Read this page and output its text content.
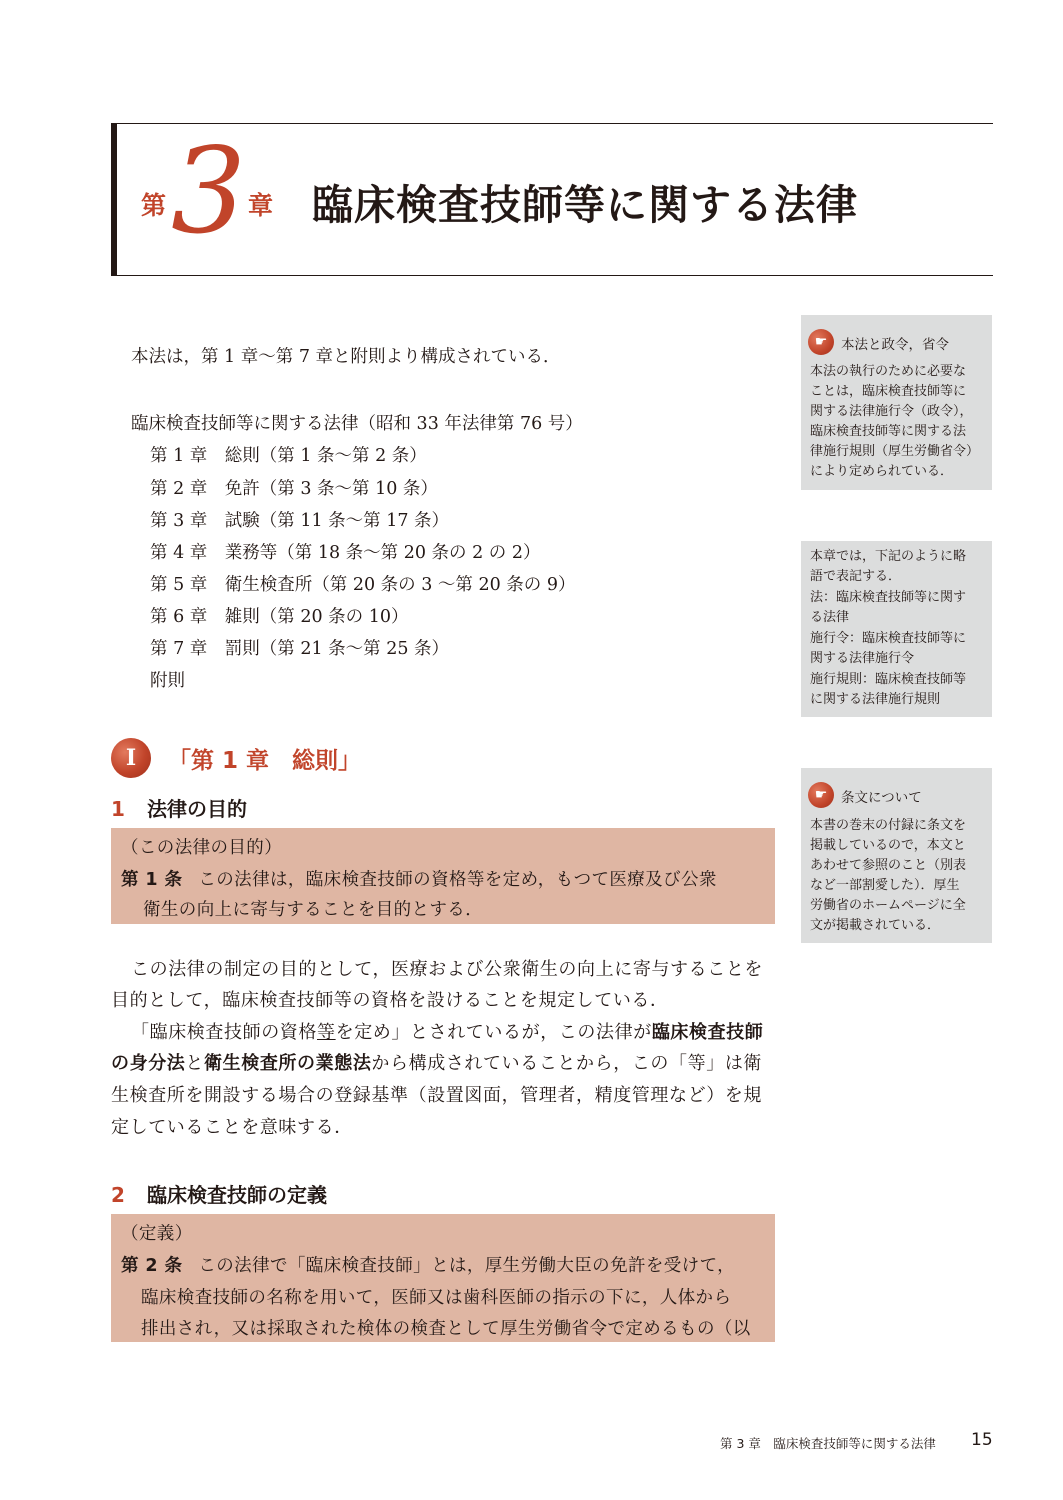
第 3 章 臨床検査技師等に関する法律
本法は，第 1 章〜第 7 章と附則より構成されている．
臨床検査技師等に関する法律（昭和 33 年法律第 76 号）
第 1 章　総則（第 1 条〜第 2 条）
第 2 章　免許（第 3 条〜第 10 条）
第 3 章　試験（第 11 条〜第 17 条）
第 4 章　業務等（第 18 条〜第 20 条の 2 の 2）
第 5 章　衛生検査所（第 20 条の 3 〜第 20 条の 9）
第 6 章　雑則（第 20 条の 10）
第 7 章　罰則（第 21 条〜第 25 条）
附則
I	「第 1 章　総則」
1 法律の目的
（この法律の目的）
第 1 条 この法律は，臨床検査技師の資格等を定め，もつて医療及び公衆
衛生の向上に寄与することを目的とする．
この法律の制定の目的として，医療および公衆衛生の向上に寄与することを
目的として，臨床検査技師等の資格を設けることを規定している．
「臨床検査技師の資格等を定め」とされているが，この法律が臨床検査技師
の身分法と衛生検査所の業態法から構成されていることから，この「等」は衛
生検査所を開設する場合の登録基準（設置図面，管理者，精度管理など）を規
定していることを意味する．
2 臨床検査技師の定義
（定義）
第 2 条 この法律で「臨床検査技師」とは，厚生労働大臣の免許を受けて，
臨床検査技師の名称を用いて，医師又は歯科医師の指示の下に，人体から
排出され，又は採取された検体の検査として厚生労働省令で定めるもの（以
☛	本法と政令，省令
本法の執行のために必要な
ことは，臨床検査技師等に
関する法律施行令（政令），
臨床検査技師等に関する法
律施行規則（厚生労働省令）
により定められている．
本章では，下記のように略
語で表記する．
法：臨床検査技師等に関す
る法律
施行令：臨床検査技師等に
関する法律施行令
施行規則：臨床検査技師等
に関する法律施行規則
☛	条文について
本書の巻末の付録に条文を
掲載しているので，本文と
あわせて参照のこと（別表
など一部割愛した）．厚生
労働省のホームページに全
文が掲載されている．
第 3 章　臨床検査技師等に関する法律 15
